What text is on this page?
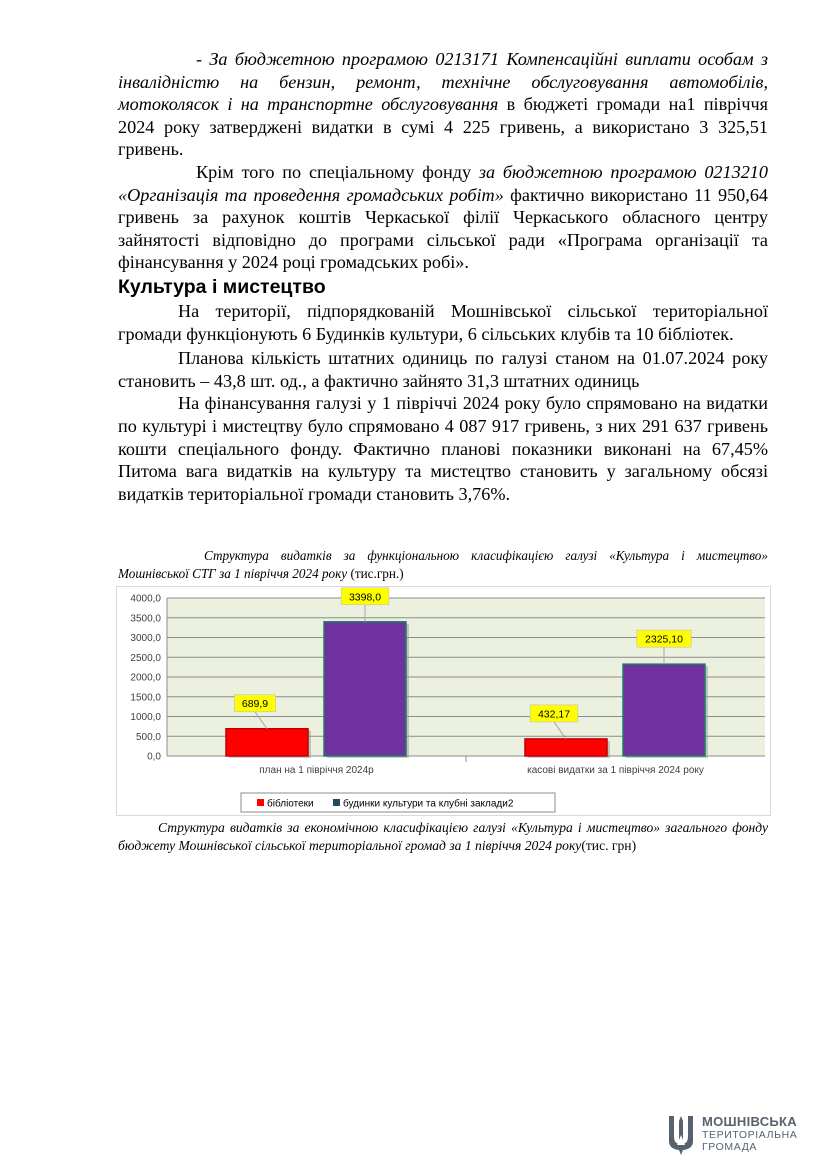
- За бюджетною програмою 0213171 Компенсаційні виплати особам з інвалідністю на бензин, ремонт, технічне обслуговування автомобілів, мотоколясок і на транспортне обслуговування в бюджеті громади на1 півріччя 2024 року затверджені видатки в сумі 4 225 гривень, а використано 3 325,51 гривень.

Крім того по спеціальному фонду за бюджетною програмою 0213210 «Організація та проведення громадських робіт» фактично використано 11 950,64 гривень за рахунок коштів Черкаської філії Черкаського обласного центру зайнятості відповідно до програми сільської ради «Програма організації та фінансування у 2024 році громадських робі».

Культура і мистецтво

На території, підпорядкованій Мошнівської сільської територіальної громади функціонують 6 Будинків культури, 6 сільських клубів та 10 бібліотек.

Планова кількість штатних одиниць по галузі станом на 01.07.2024 року становить – 43,8 шт. од., а фактично зайнято 31,3 штатних одиниць

На фінансування галузі у 1 півріччі 2024 року було спрямовано на видатки по культурі і мистецтву було спрямовано 4 087 917 гривень, з них 291 637 гривень кошти спеціального фонду. Фактично планові показники виконані на 67,45% Питома вага видатків на культуру та мистецтво становить у загальному обсязі видатків територіальної громади становить 3,76%.

Структура видатків за функціональною класифікацією галузі «Культура і мистецтво» Мошнівської СТГ за 1 півріччя 2024 року (тис.грн.)
0,0
500,0
1000,0
1500,0
2000,0
2500,0
3000,0
3500,0
4000,0
план на 1 півріччя 2024р
689,9
3398,0
касові видатки за 1 півріччя 2024 року
432,17
2325,10
бібліотеки	будинки культури та клубні заклади2
Структура видатків за економічною класифікацією галузі «Культура і мистецтво» загального фонду бюджету Мошнівської сільської територіальної громад за 1 півріччя 2024 року(тис. грн)
МОШНІВСЬКА
ТЕРИТОРІАЛЬНА
ГРОМАДА
